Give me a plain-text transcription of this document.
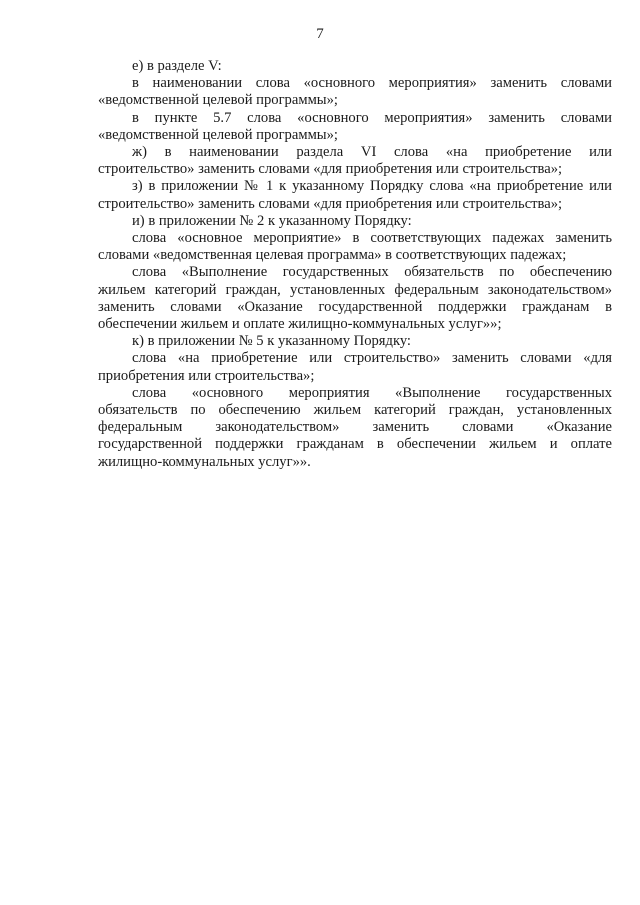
7
е) в разделе V:
в наименовании слова «основного мероприятия» заменить словами
«ведомственной целевой программы»;
в пункте 5.7 слова «основного мероприятия» заменить словами
«ведомственной целевой программы»;
ж) в наименовании раздела VI слова «на приобретение или
строительство» заменить словами «для приобретения или строительства»;
з) в приложении № 1 к указанному Порядку слова «на приобретение или
строительство» заменить словами «для приобретения или строительства»;
и) в приложении № 2 к указанному Порядку:
слова «основное мероприятие» в соответствующих падежах заменить
словами «ведомственная целевая программа» в соответствующих падежах;
слова «Выполнение государственных обязательств по обеспечению
жильем категорий граждан, установленных федеральным законодательством»
заменить словами «Оказание государственной поддержки гражданам в
обеспечении жильем и оплате жилищно-коммунальных услуг»»;
к) в приложении № 5 к указанному Порядку:
слова «на приобретение или строительство» заменить словами «для
приобретения или строительства»;
слова «основного мероприятия «Выполнение государственных
обязательств по обеспечению жильем категорий граждан, установленных
федеральным законодательством» заменить словами «Оказание
государственной поддержки гражданам в обеспечении жильем и оплате
жилищно-коммунальных услуг»».
